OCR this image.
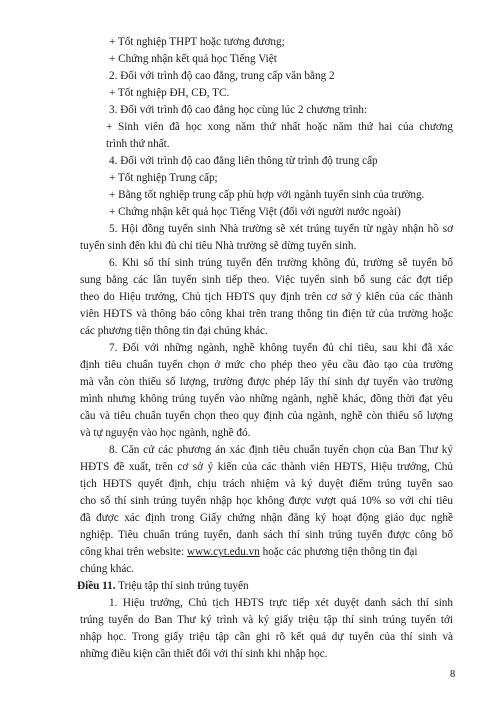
+ Tốt nghiệp THPT hoặc tương đương;
+ Chứng nhận kết quả học Tiếng Việt
2. Đối với trình độ cao đẳng, trung cấp văn bằng 2
+ Tốt nghiệp ĐH, CĐ, TC.
3. Đối với trình độ cao đẳng học cùng lúc 2 chương trình:
+ Sinh viên đã học xong năm thứ nhất hoặc năm thứ hai của chương
trình thứ nhất.
4. Đối với trình độ cao đẳng liên thông từ trình độ trung cấp
+ Tốt nghiệp Trung cấp;
+ Bằng tốt nghiệp trung cấp phù hợp với ngành tuyển sinh của trường.
+ Chứng nhận kết quả học Tiếng Việt (đối với người nước ngoài)
5. Hội đồng tuyển sinh Nhà trường sẽ xét trúng tuyển từ ngày nhận hồ sơ
tuyển sinh đến khi đủ chỉ tiêu Nhà trường sẽ dừng tuyển sinh.
6. Khi số thí sinh trúng tuyển đến trường không đủ, trường sẽ tuyển bổ
sung bằng các lần tuyển sinh tiếp theo. Việc tuyển sinh bổ sung các đợt tiếp
theo do Hiệu trưởng, Chủ tịch HĐTS quy định trên cơ sở ý kiến của các thành
viên HĐTS và thông báo công khai trên trang thông tin điện tử của trường hoặc
các phương tiện thông tin đại chúng khác.
7. Đối với những ngành, nghề không tuyển đủ chỉ tiêu, sau khi đã xác
định tiêu chuẩn tuyển chọn ở mức cho phép theo yêu cầu đào tạo của trường
mà vẫn còn thiếu số lượng, trường được phép lấy thí sinh dự tuyển vào trường
mình nhưng không trúng tuyển vào những ngành, nghề khác, đồng thời đạt yêu
cầu và tiêu chuẩn tuyển chọn theo quy định của ngành, nghề còn thiếu số lượng
và tự nguyện vào học ngành, nghề đó.
8. Căn cứ các phương án xác định tiêu chuẩn tuyển chọn của Ban Thư ký
HĐTS đề xuất, trên cơ sở ý kiến của các thành viên HĐTS, Hiệu trưởng, Chủ
tịch HĐTS quyết định, chịu trách nhiệm và ký duyệt điểm trúng tuyển sao
cho số thí sinh trúng tuyển nhập học không được vượt quá 10% so với chỉ tiêu
đã được xác định trong Giấy chứng nhận đăng ký hoạt động giáo dục nghề
nghiệp. Tiêu chuẩn trúng tuyển, danh sách thí sinh trúng tuyển được công bố
công khai trên website: www.cyt.edu.vn hoặc các phương tiện thông tin đại
chúng khác.
Điều 11. Triệu tập thí sinh trúng tuyển
1. Hiệu trưởng, Chủ tịch HĐTS trực tiếp xét duyệt danh sách thí sinh
trúng tuyển do Ban Thư ký trình và ký giấy triệu tập thí sinh trúng tuyển tới
nhập học. Trong giấy triệu tập cần ghi rõ kết quả dự tuyển của thí sinh và
những điều kiện cần thiết đối với thí sinh khi nhập học.
8
